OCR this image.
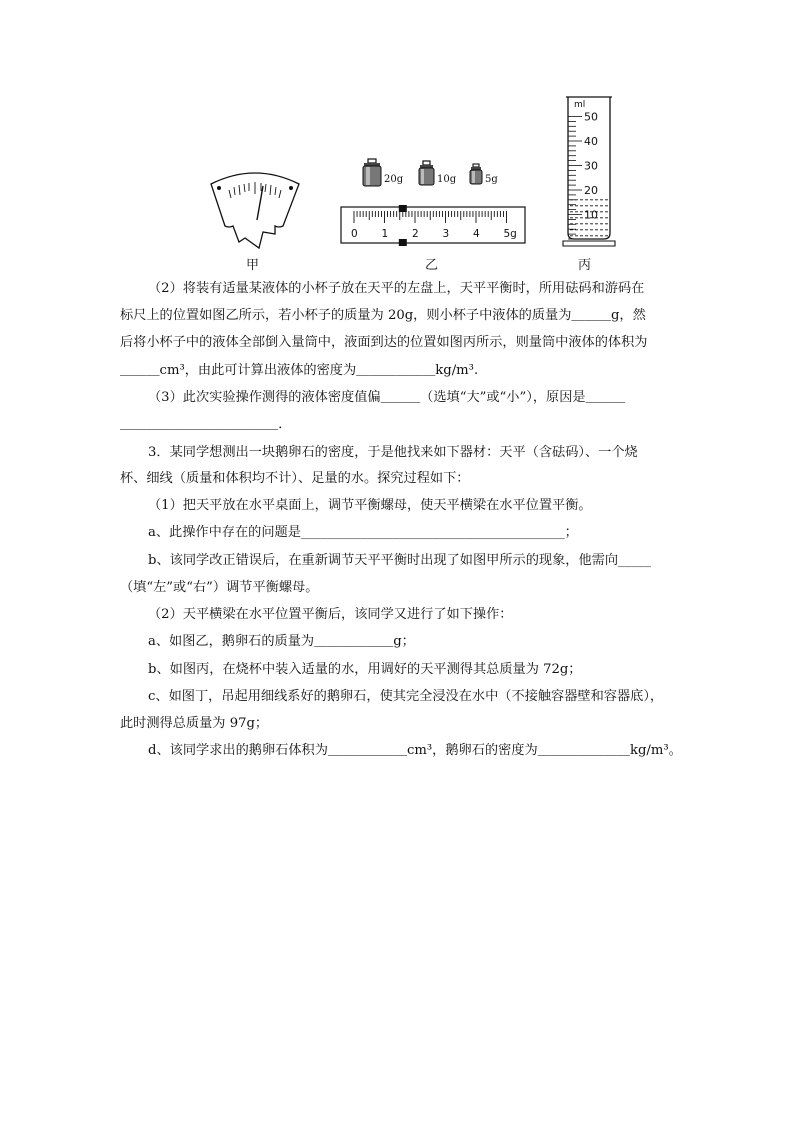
甲
20g	10g	5g
0 1 2 3 4 5g
乙
ml
50
40
30
20
10
丙
（2）将装有适量某液体的小杯子放在天平的左盘上，天平平衡时，所用砝码和游码在
标尺上的位置如图乙所示，若小杯子的质量为 20g，则小杯子中液体的质量为＿＿＿g，然
后将小杯子中的液体全部倒入量筒中，液面到达的位置如图丙所示，则量筒中液体的体积为
＿＿＿cm³，由此可计算出液体的密度为＿＿＿＿＿＿kg/m³.
（3）此次实验操作测得的液体密度值偏＿＿＿（选填“大”或“小”），原因是＿＿＿
＿＿＿＿＿＿＿＿＿＿＿＿．
3．某同学想测出一块鹅卵石的密度，于是他找来如下器材：天平（含砝码）、一个烧
杯、细线（质量和体积均不计）、足量的水。探究过程如下：
（1）把天平放在水平桌面上，调节平衡螺母，使天平横梁在水平位置平衡。
a、此操作中存在的问题是________________________________________；
b、该同学改正错误后，在重新调节天平平衡时出现了如图甲所示的现象，他需向_____
（填“左”或“右”）调节平衡螺母。
（2）天平横梁在水平位置平衡后，该同学又进行了如下操作：
a、如图乙，鹅卵石的质量为＿＿＿＿＿＿g；
b、如图丙，在烧杯中装入适量的水，用调好的天平测得其总质量为 72g；
c、如图丁，吊起用细线系好的鹅卵石，使其完全浸没在水中（不接触容器壁和容器底），
此时测得总质量为 97g；
d、该同学求出的鹅卵石体积为＿＿＿＿＿＿cm³，鹅卵石的密度为＿＿＿＿＿＿＿kg/m³。
